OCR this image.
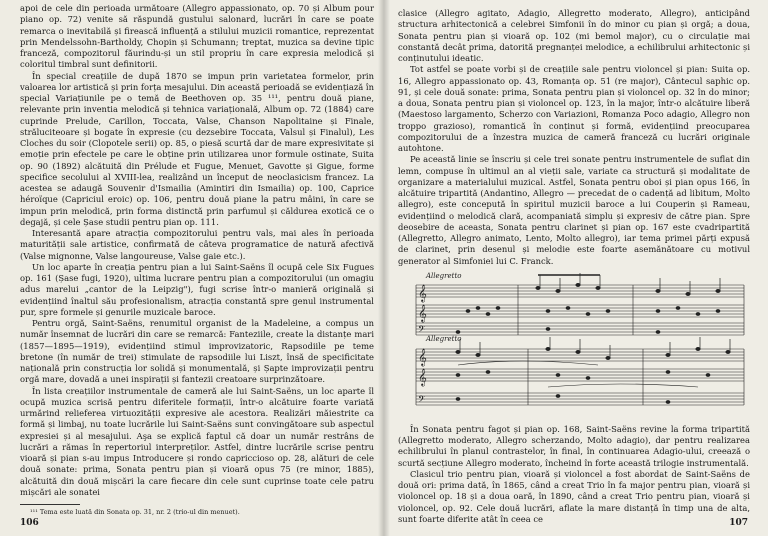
apoi de cele din perioada următoare (Allegro appassionato, op. 70 și Album pour piano op. 72) venite să răspundă gustului salonard, lucrări în care se poate remarca o inevitabilă și firească influență a stilului muzicii romantice, reprezentat prin Mendelssohn-Bartholdy, Chopin și Schumann; treptat, muzica sa devine tipic franceză, compozitorul făurindu-și un stil propriu în care expresia melodică și coloritul timbral sunt definitorii.

În special creațiile de după 1870 se impun prin varietatea formelor, prin valoarea lor artistică și prin forța mesajului. Din această perioadă se evidențiază în special Variațiunile pe o temă de Beethoven op. 35 ¹¹¹, pentru două piane, relevante prin inventia melodică și tehnica variațională, Album op. 72 (1884) care cuprinde Prelude, Carillon, Toccata, Valse, Chanson Napolitaine și Finale, străluciteoare și bogate în expresie (cu dezsebire Toccata, Valsul și Finalul), Les Cloches du soir (Clopotele serii) op. 85, o piesă scurtă dar de mare expresivitate și emoție prin efectele pe care le obține prin utilizarea unor formule ostinate, Suita op. 90 (1892) alcătuită din Prélude et Fugue, Menuet, Gavotte și Gigue, forme specifice secolului al XVIII-lea, realizând un început de neoclasicism francez. La acestea se adaugă Souvenir d'Ismailia (Amintiri din Ismailia) op. 100, Caprice héroïque (Capriciul eroic) op. 106, pentru două piane la patru mâini, în care se impun prin melodică, prin forma distinctă prin parfumul și căldurea exotică ce o degajă, și cele Șase studii pentru pian op. 111.

Interesantă apare atracția compozitorului pentru vals, mai ales în perioada maturității sale artistice, confirmată de câteva programatice de natură afectivă (Valse mignonne, Valse langoureuse, Valse gaie etc.).

Un loc aparte în creația pentru pian a lui Saint-Saëns îl ocupă cele Six Fugues op. 161 (Șase fugi, 1920), ultima lucrare pentru pian a compozitorului (un omagiu adus marelui „cantor de la Leipzig"), fugi scrise într-o manieră originală și evidențiind înaltul său profesionalism, atracția constantă spre genul instrumental pur, spre formele și genurile muzicale baroce.

Pentru orgă, Saint-Saëns, renumitul organist de la Madeleine, a compus un număr însemnat de lucrări din care se remarcă: Fanteziile, create la distanțe mari (1857—1895—1919), evidențiind stimul improvizatoric, Rapsodiile pe teme bretone (în număr de trei) stimulate de rapsodiile lui Liszt, însă de specificitate națională prin construcția lor solidă și monumentală, și Șapte improvizații pentru orgă mare, dovadă a unei inspirații și fantezii creatoare surprinzătoare.

În lista creațiilor instrumentale de cameră ale lui Saint-Saëns, un loc aparte îl ocupă muzica scrisă pentru diferitele formații, într-o alcătuire foarte variată urmărind relieferea virtuozității expresive ale acestora. Realizări măiestrite ca formă și limbaj, nu toate lucrările lui Saint-Saëns sunt convingătoare sub aspectul expresiei și al mesajului. Aşa se explică faptul că doar un număr restrâns de lucrări a rămas în repertoriul interpreților. Astfel, dintre lucrările scrise pentru vioară și pian s-au impus Introducere și rondo capriccioso op. 28, alături de cele două sonate: prima, Sonata pentru pian și vioară opus 75 (re minor, 1885), alcătuită din două mișcări la care fiecare din cele sunt cuprinse toate cele patru mișcări ale sonatei

¹¹¹ Tema este luată din Sonata op. 31, nr. 2 (trio-ul din menuet).

106

clasice (Allegro agitato, Adagio, Allegretto moderato, Allegro), anticipând structura arhitectonică a celebrei Simfonii în do minor cu pian și orgă; a doua, Sonata pentru pian și vioară op. 102 (mi bemol major), cu o circulație mai constantă decât prima, datorită pregnanței melodice, a echilibrului arhitectonic și conținutului ideatic.

Tot astfel se poate vorbi și de creațiile sale pentru violoncel și pian: Suita op. 16, Allegro appassionato op. 43, Romanța op. 51 (re major), Cântecul saphic op. 91, și cele două sonate: prima, Sonata pentru pian și violoncel op. 32 în do minor; a doua, Sonata pentru pian și violoncel op. 123, în la major, într-o alcătuire liberă (Maestoso largamento, Scherzo con Variazioni, Romanza Poco adagio, Allegro non troppo grazioso), romantică în conținut și formă, evidențiind preocuparea compozitorului de a înzestra muzica de cameră franceză cu lucrări originale autohtone.

Pe această linie se înscriu și cele trei sonate pentru instrumentele de suflat din lemn, compuse în ultimul an al vieții sale, variate ca structură și modalitate de organizare a materialului muzical. Astfel, Sonata pentru oboi și pian opus 166, în alcătuire tripartită (Andantino, Allegro — precedat de o cadență ad libitum, Molto allegro), este concepută în spiritul muzicii baroce a lui Couperin și Rameau, evidențiind o melodică clară, acompaniată simplu și expresiv de către pian. Spre deosebire de aceasta, Sonata pentru clarinet și pian op. 167 este cvadripartită (Allegretto, Allegro animato, Lento, Molto allegro), iar tema primei părți expusă de clarinet, prin desenul și melodie este foarte asemănătoare cu motivul generator al Simfoniei lui C. Franck.

Allegretto
Allegretto
𝄞
𝄞
𝄢
𝄞
𝄞
𝄢

În Sonata pentru fagot și pian op. 168, Saint-Saëns revine la forma tripartită (Allegretto moderato, Allegro scherzando, Molto adagio), dar pentru realizarea echilibrului în planul contrastelor, în final, în continuarea Adagio-ului, creează o scurtă secțiune Allegro moderato, încheind în forte această trilogie instrumentală.

Clasicul trio pentru pian, vioară și violoncel a fost abordat de Saint-Saëns de două ori: prima dată, în 1865, când a creat Trio în fa major pentru pian, vioară și violoncel op. 18 și a doua oară, în 1890, când a creat Trio pentru pian, vioară și violoncel, op. 92. Cele două lucrări, aflate la mare distanță în timp una de alta, sunt foarte diferite atât în ceea ce	107
